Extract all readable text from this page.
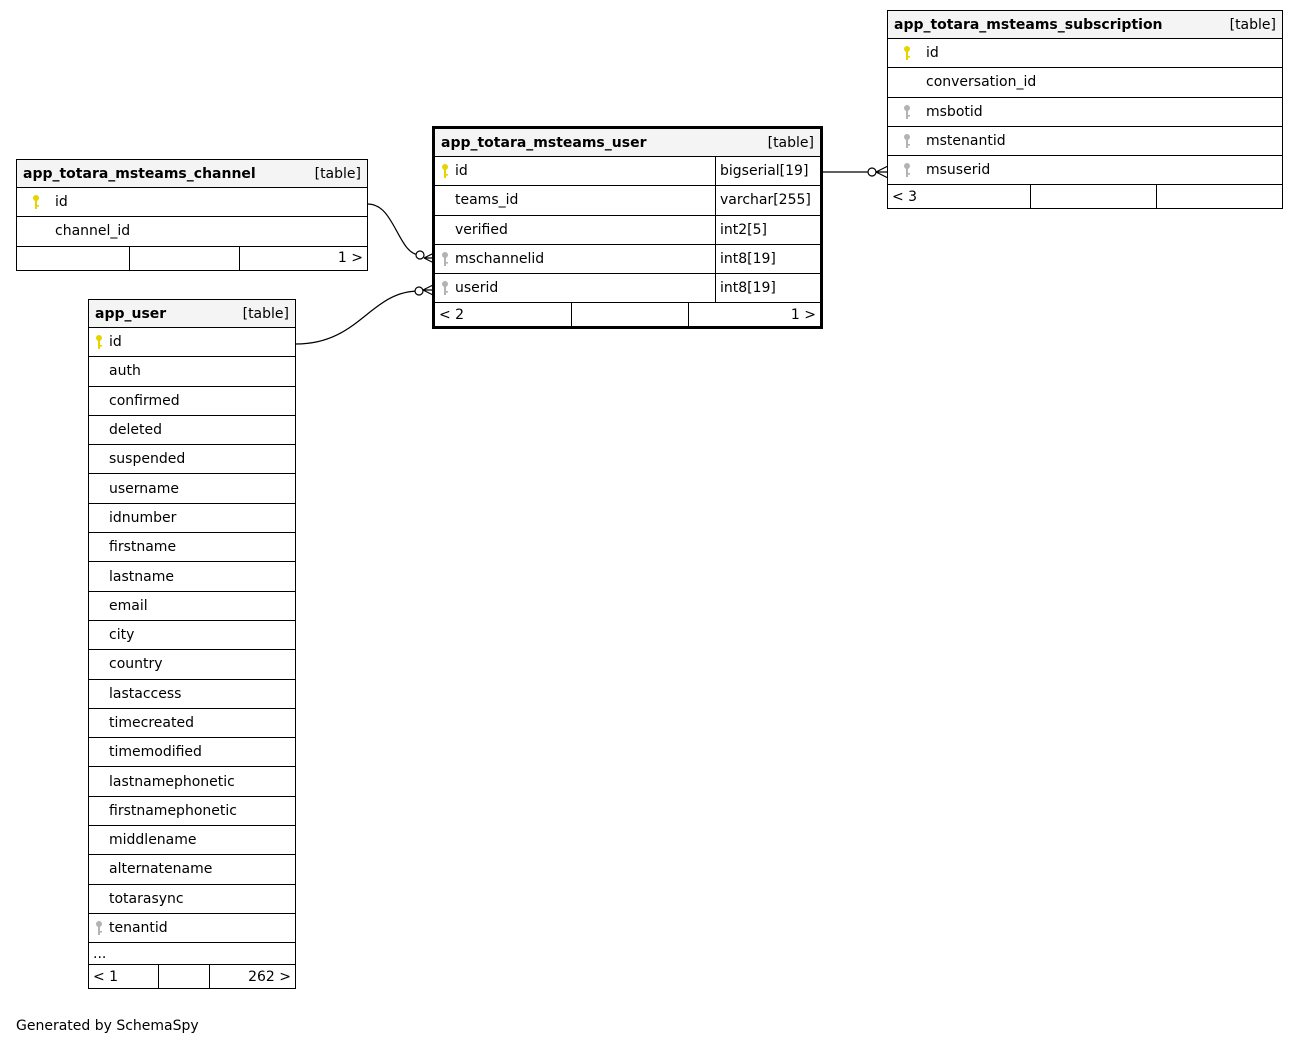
app_totara_msteams_subscription	[table]
id
conversation_id
msbotid
mstenantid
msuserid
< 3
app_totara_msteams_user	[table]
id	bigserial[19]
teams_id	varchar[255]
verified	int2[5]
mschannelid	int8[19]
userid	int8[19]
< 2	1 >
app_totara_msteams_channel	[table]
id
channel_id
1 >
app_user	[table]
id
auth
confirmed
deleted
suspended
username
idnumber
firstname
lastname
email
city
country
lastaccess
timecreated
timemodified
lastnamephonetic
firstnamephonetic
middlename
alternatename
totarasync
tenantid
...
< 1	262 >
Generated by SchemaSpy
